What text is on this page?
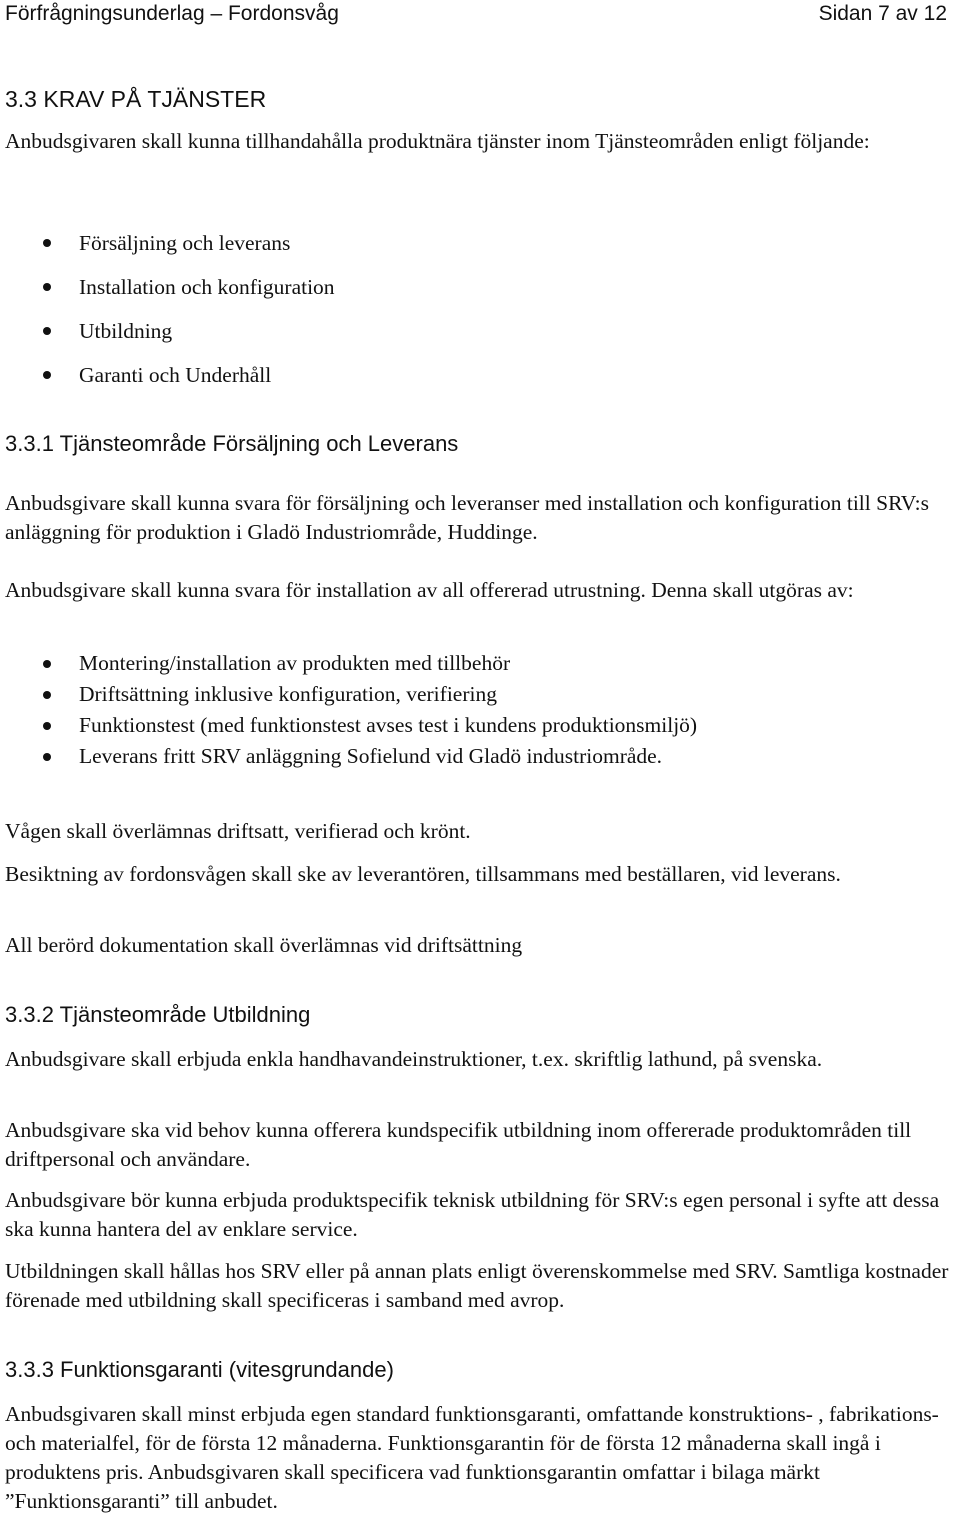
Förfrågningsunderlag – Fordonsvåg	Sidan 7 av 12
3.3 KRAV PÅ TJÄNSTER
Anbudsgivaren skall kunna tillhandahålla produktnära tjänster inom Tjänsteområden enligt följande:
Försäljning och leverans
Installation och konfiguration
Utbildning
Garanti och Underhåll
3.3.1 Tjänsteområde Försäljning och Leverans
Anbudsgivare skall kunna svara för försäljning och leveranser med installation och konfiguration till SRV:s anläggning för produktion i Gladö Industriområde, Huddinge.
Anbudsgivare skall kunna svara för installation av all offererad utrustning. Denna skall utgöras av:
Montering/installation av produkten med tillbehör
Driftsättning inklusive konfiguration, verifiering
Funktionstest (med funktionstest avses test i kundens produktionsmiljö)
Leverans fritt SRV anläggning Sofielund vid Gladö industriområde.
Vågen skall överlämnas driftsatt, verifierad och krönt.
Besiktning av fordonsvågen skall ske av leverantören, tillsammans med beställaren, vid leverans.
All berörd dokumentation skall överlämnas vid driftsättning
3.3.2 Tjänsteområde Utbildning
Anbudsgivare skall erbjuda enkla handhavandeinstruktioner, t.ex. skriftlig lathund, på svenska.
Anbudsgivare ska vid behov kunna offerera kundspecifik utbildning inom offererade produktområden till driftpersonal och användare.
Anbudsgivare bör kunna erbjuda produktspecifik teknisk utbildning för SRV:s egen personal i syfte att dessa ska kunna hantera del av enklare service.
Utbildningen skall hållas hos SRV eller på annan plats enligt överenskommelse med SRV. Samtliga kostnader förenade med utbildning skall specificeras i samband med avrop.
3.3.3 Funktionsgaranti (vitesgrundande)
Anbudsgivaren skall minst erbjuda egen standard funktionsgaranti, omfattande konstruktions- , fabrikations- och materialfel, för de första 12 månaderna. Funktionsgarantin för de första 12 månaderna skall ingå i produktens pris. Anbudsgivaren skall specificera vad funktionsgarantin omfattar i bilaga märkt ”Funktionsgaranti” till anbudet.
